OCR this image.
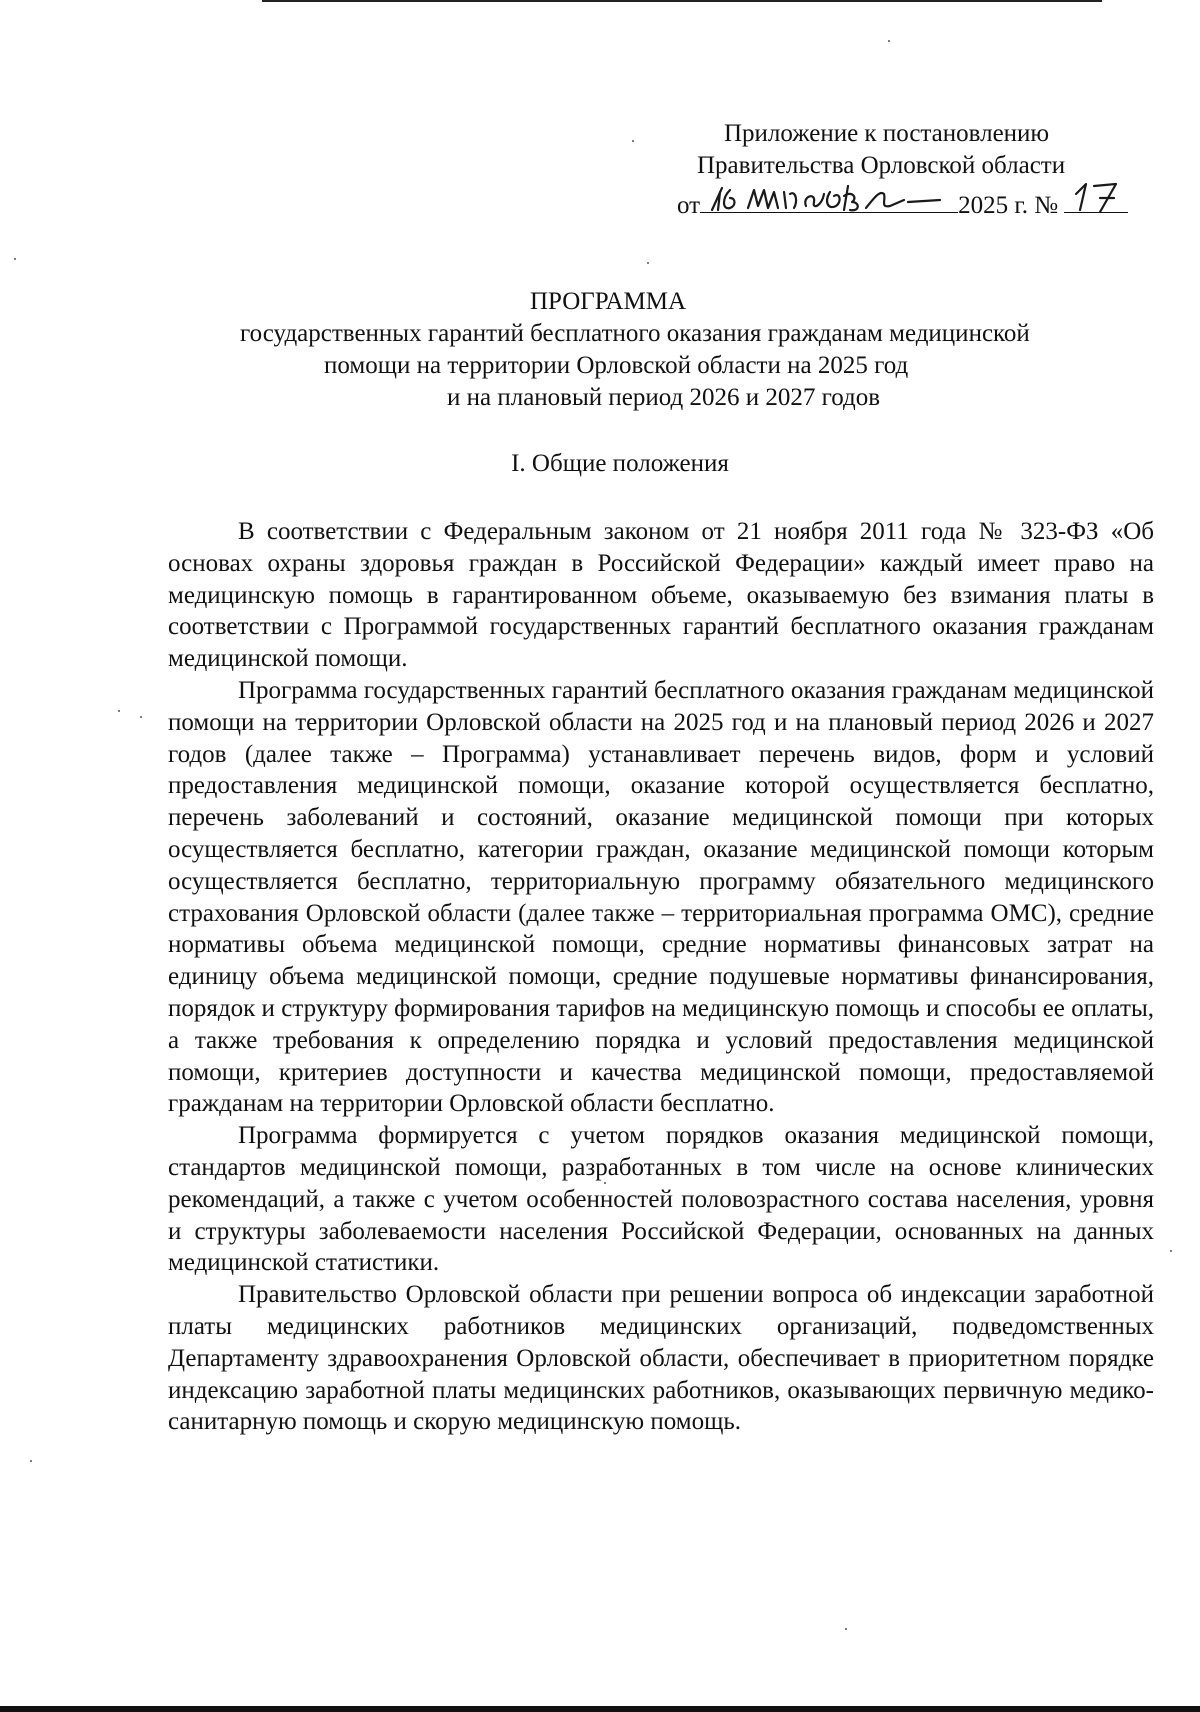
Приложение к постановлению
Правительства Орловской области
от	2025 г. №
ПРОГРАММА
государственных гарантий бесплатного оказания гражданам медицинской
помощи на территории Орловской области на 2025 год
и на плановый период 2026 и 2027 годов
I. Общие положения

В соответствии с Федеральным законом от 21 ноября 2011 года № 323-ФЗ «Об основах охраны здоровья граждан в Российской Федерации» каждый имеет право на медицинскую помощь в гарантированном объеме, оказываемую без взимания платы в соответствии с Программой государственных гарантий бесплатного оказания гражданам медицинской помощи.

Программа государственных гарантий бесплатного оказания гражданам медицинской помощи на территории Орловской области на 2025 год и на плановый период 2026 и 2027 годов (далее также – Программа) устанавливает перечень видов, форм и условий предоставления медицинской помощи, оказание которой осуществляется бесплатно, перечень заболеваний и состояний, оказание медицинской помощи при которых осуществляется бесплатно, категории граждан, оказание медицинской помощи которым осуществляется бесплатно, территориальную программу обязательного медицинского страхования Орловской области (далее также – территориальная программа ОМС), средние нормативы объема медицинской помощи, средние нормативы финансовых затрат на единицу объема медицинской помощи, средние подушевые нормативы финансирования, порядок и структуру формирования тарифов на медицинскую помощь и способы ее оплаты, а также требования к определению порядка и условий предоставления медицинской помощи, критериев доступности и качества медицинской помощи, предоставляемой гражданам на территории Орловской области бесплатно.

Программа формируется с учетом порядков оказания медицинской помощи, стандартов медицинской помощи, разработанных в том числе на основе клинических рекомендаций, а также с учетом особенностей половозрастного состава населения, уровня и структуры заболеваемости населения Российской Федерации, основанных на данных медицинской статистики.

Правительство Орловской области при решении вопроса об индексации заработной платы медицинских работников медицинских организаций, подведомственных Департаменту здравоохранения Орловской области, обеспечивает в приоритетном порядке индексацию заработной платы медицинских работников, оказывающих первичную медико-санитарную помощь и скорую медицинскую помощь.
